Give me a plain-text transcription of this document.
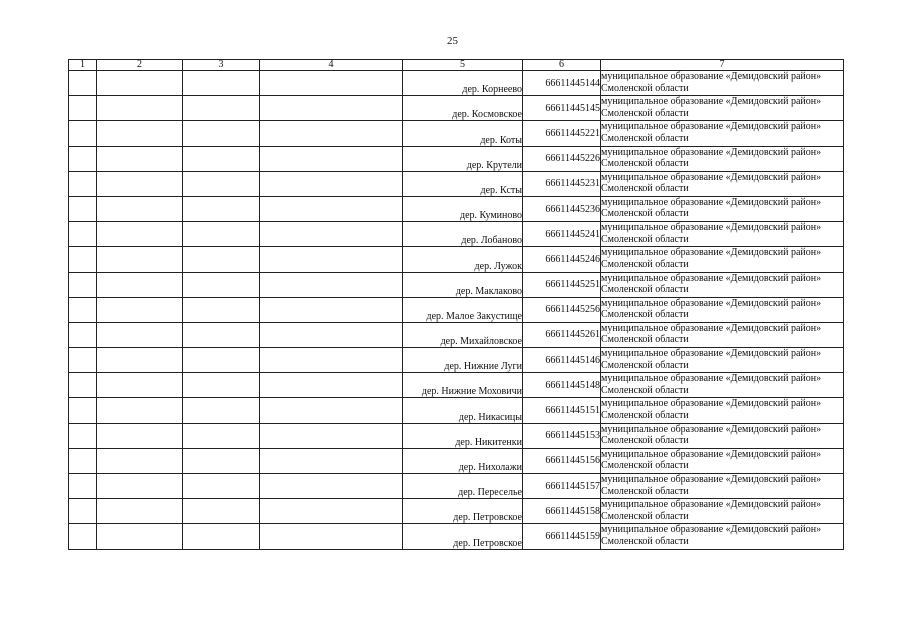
25
1	2	3	4	5	6	7
				дер. Корнеево	66611445144	муниципальное образование «Демидовский район»
Смоленской области

				дер. Космовское	66611445145	муниципальное образование «Демидовский район»
Смоленской области

				дер. Коты	66611445221	муниципальное образование «Демидовский район»
Смоленской области

				дер. Крутели	66611445226	муниципальное образование «Демидовский район»
Смоленской области

				дер. Ксты	66611445231	муниципальное образование «Демидовский район»
Смоленской области

				дер. Куминово	66611445236	муниципальное образование «Демидовский район»
Смоленской области

				дер. Лобаново	66611445241	муниципальное образование «Демидовский район»
Смоленской области

				дер. Лужок	66611445246	муниципальное образование «Демидовский район»
Смоленской области

				дер. Маклаково	66611445251	муниципальное образование «Демидовский район»
Смоленской области

				дер. Малое Закустище	66611445256	муниципальное образование «Демидовский район»
Смоленской области

				дер. Михайловское	66611445261	муниципальное образование «Демидовский район»
Смоленской области

				дер. Нижние Луги	66611445146	муниципальное образование «Демидовский район»
Смоленской области

				дер. Нижние Моховичи	66611445148	муниципальное образование «Демидовский район»
Смоленской области

				дер. Никасицы	66611445151	муниципальное образование «Демидовский район»
Смоленской области

				дер. Никитенки	66611445153	муниципальное образование «Демидовский район»
Смоленской области

				дер. Нихолажи	66611445156	муниципальное образование «Демидовский район»
Смоленской области

				дер. Переселье	66611445157	муниципальное образование «Демидовский район»
Смоленской области

				дер. Петровское	66611445158	муниципальное образование «Демидовский район»
Смоленской области

				дер. Петровское	66611445159	муниципальное образование «Демидовский район»
Смоленской области
